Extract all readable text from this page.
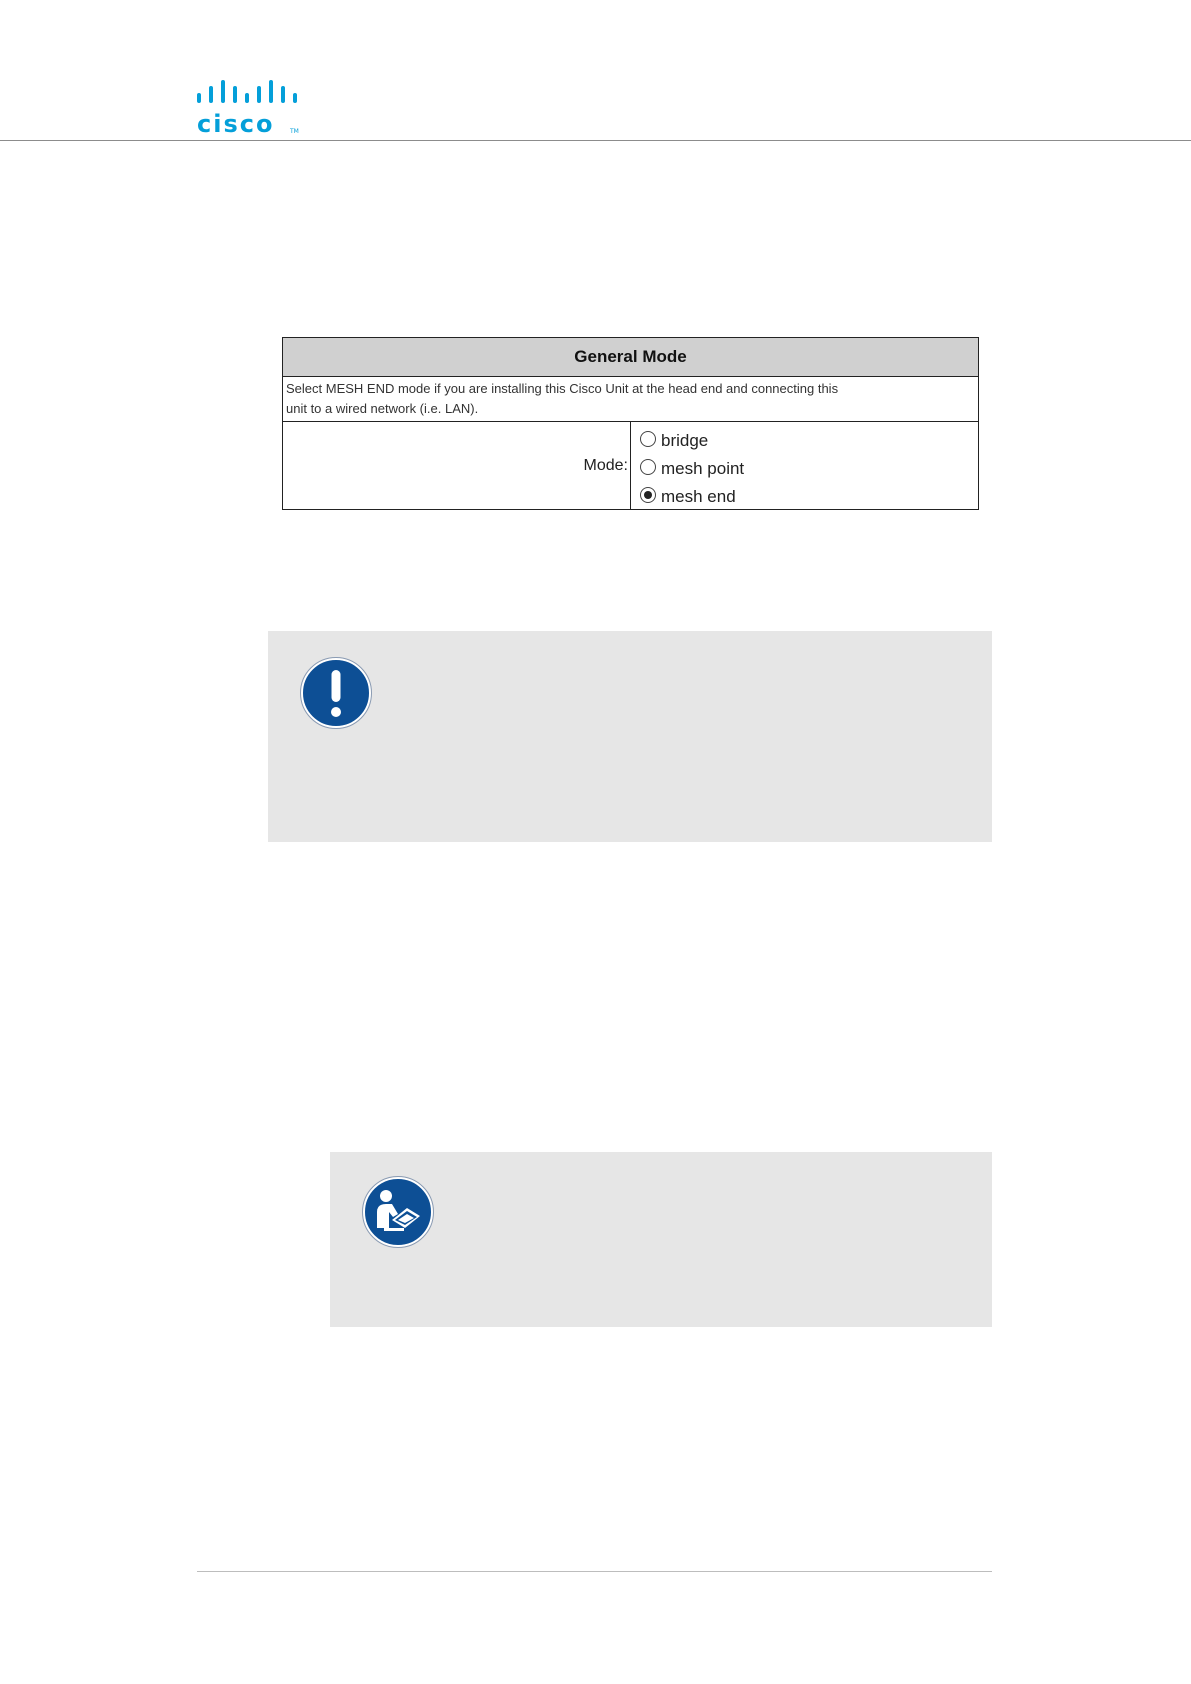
cisco	TM
General Mode
Select MESH END mode if you are installing this Cisco Unit at the head end and connecting this
unit to a wired network (i.e. LAN).
Mode:
bridge
mesh point
mesh end
